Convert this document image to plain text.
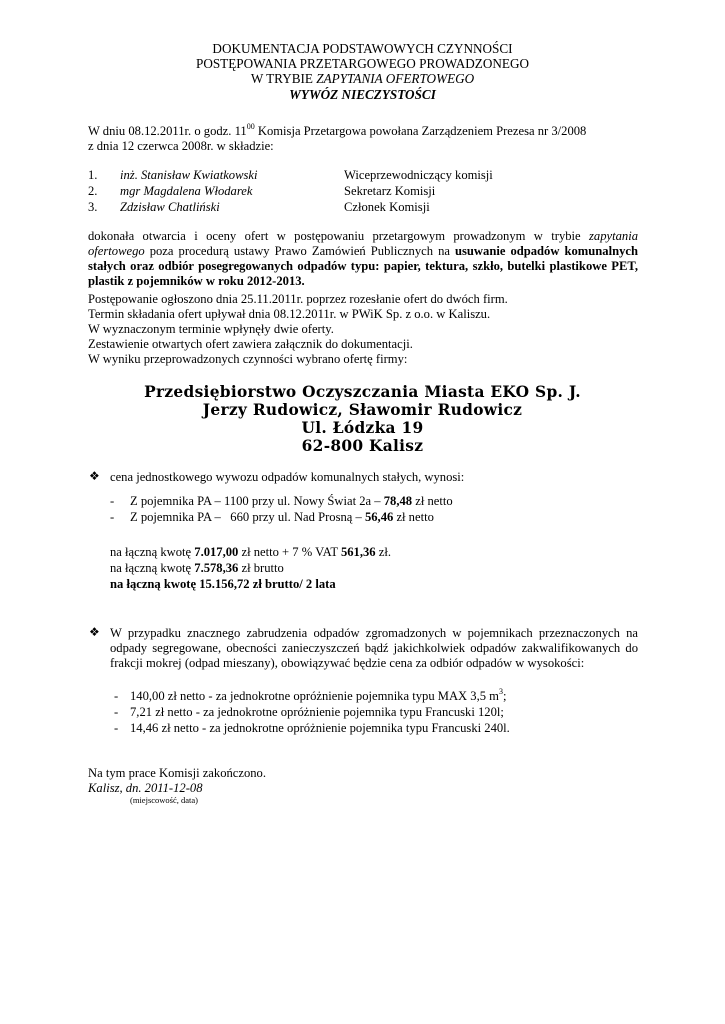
DOKUMENTACJA PODSTAWOWYCH CZYNNOŚCI
POSTĘPOWANIA PRZETARGOWEGO PROWADZONEGO
W TRYBIE ZAPYTANIA OFERTOWEGO
WYWÓZ NIECZYSTOŚCI
W dniu 08.12.2011r. o godz. $11^{00}$ Komisja Przetargowa powołana Zarządzeniem Prezesa nr 3/2008
z dnia 12 czerwca 2008r. w składzie:
1. inż. Stanisław Kwiatkowski	Wiceprzewodniczący komisji
2. mgr Magdalena Włodarek	Sekretarz Komisji
3. Zdzisław Chatliński	Członek Komisji
dokonała otwarcia i oceny ofert w postępowaniu przetargowym prowadzonym w trybie zapytania ofertowego poza procedurą ustawy Prawo Zamówień Publicznych na usuwanie odpadów komunalnych stałych oraz odbiór posegregowanych odpadów typu: papier, tektura, szkło, butelki plastikowe PET, plastik z pojemników w roku 2012-2013.
Postępowanie ogłoszono dnia 25.11.2011r. poprzez rozesłanie ofert do dwóch firm.
Termin składania ofert upływał dnia 08.12.2011r. w PWiK Sp. z o.o. w Kaliszu.
W wyznaczonym terminie wpłynęły dwie oferty.
Zestawienie otwartych ofert zawiera załącznik do dokumentacji.
W wyniku przeprowadzonych czynności wybrano ofertę firmy:
Przedsiębiorstwo Oczyszczania Miasta EKO Sp. J.
Jerzy Rudowicz, Sławomir Rudowicz
Ul. Łódzka 19
62-800 Kalisz
❖ cena jednostkowego wywozu odpadów komunalnych stałych, wynosi:
- Z pojemnika PA – 1100 przy ul. Nowy Świat 2a – 78,48 zł netto
- Z pojemnika PA –   660 przy ul. Nad Prosną – 56,46 zł netto
na łączną kwotę 7.017,00 zł netto + 7 % VAT 561,36 zł.
na łączną kwotę 7.578,36 zł brutto
na łączną kwotę 15.156,72 zł brutto/ 2 lata
❖ W przypadku znacznego zabrudzenia odpadów zgromadzonych w pojemnikach przeznaczonych na odpady segregowane, obecności zanieczyszczeń bądź jakichkolwiek odpadów zakwalifikowanych do frakcji mokrej (odpad mieszany), obowiązywać będzie cena za odbiór odpadów w wysokości:
- 140,00 zł netto - za jednokrotne opróżnienie pojemnika typu MAX 3,5 $m^3$;
- 7,21 zł netto - za jednokrotne opróżnienie pojemnika typu Francuski 120l;
- 14,46 zł netto - za jednokrotne opróżnienie pojemnika typu Francuski 240l.
Na tym prace Komisji zakończono.
Kalisz, dn. 2011-12-08
(miejscowość, data)
